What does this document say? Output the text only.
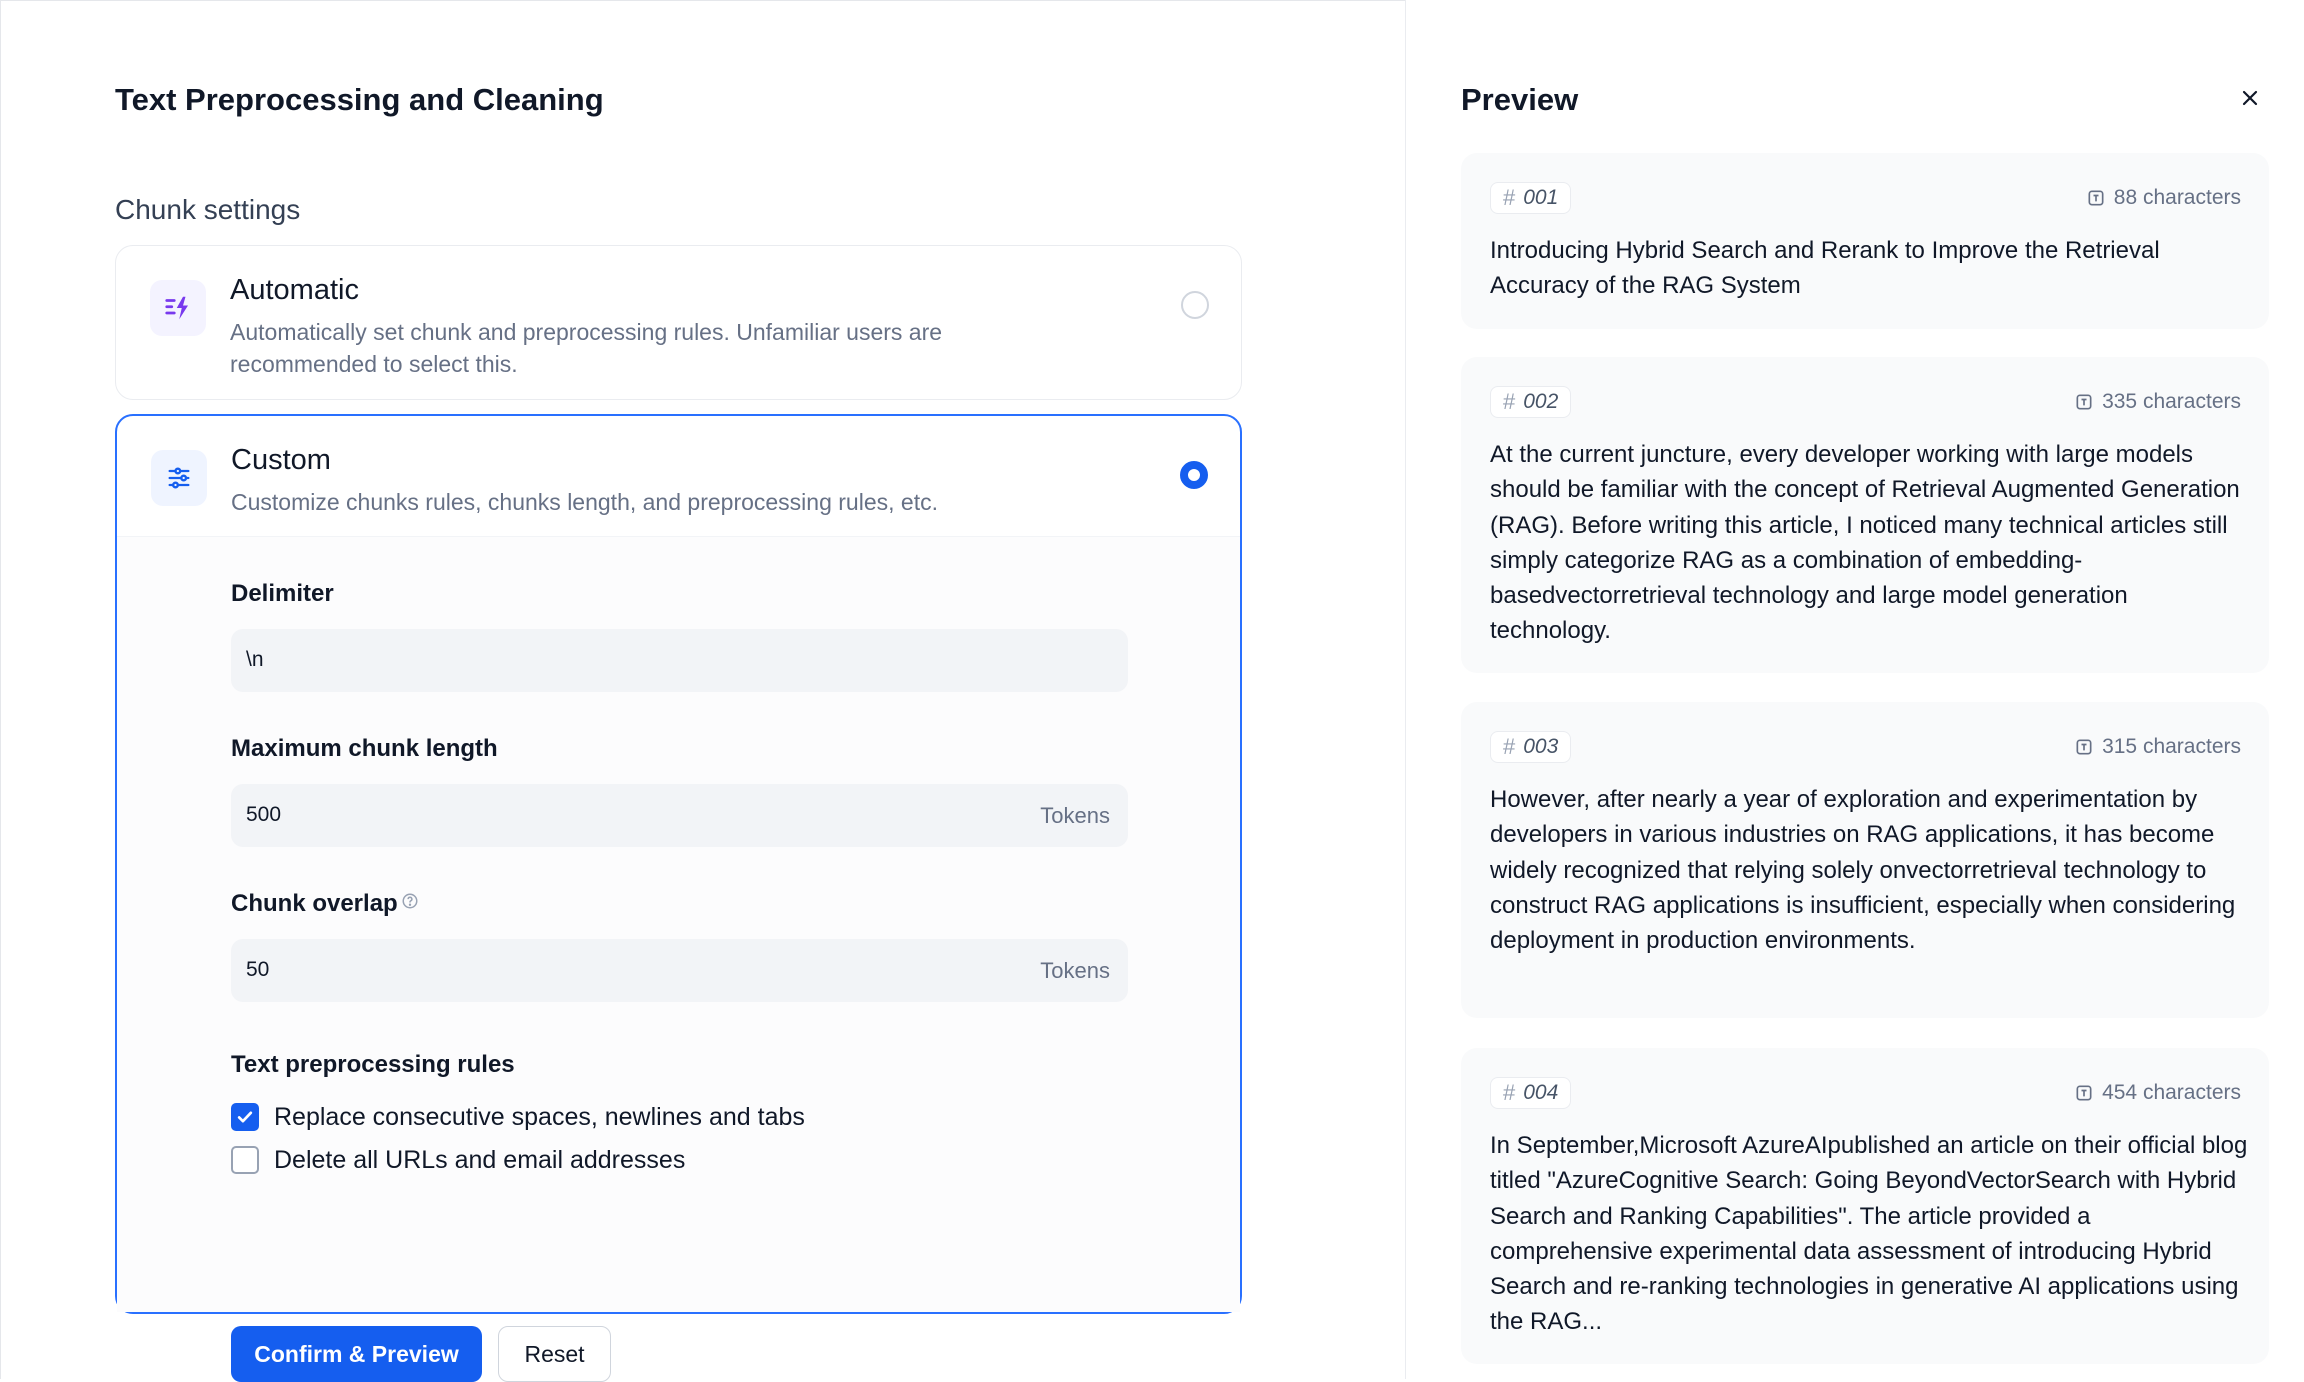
Text Preprocessing and Cleaning
Chunk settings
Automatic
Automatically set chunk and preprocessing rules. Unfamiliar users are recommended to select this.
Custom
Customize chunks rules, chunks length, and preprocessing rules, etc.
Delimiter
\n
Maximum chunk length
500	Tokens
Chunk overlap
50	Tokens
Text preprocessing rules
Replace consecutive spaces, newlines and tabs
Delete all URLs and email addresses
Confirm & Preview	Reset
Preview
# 001	88 characters
Introducing Hybrid Search and Rerank to Improve the Retrieval Accuracy of the RAG System
# 002	335 characters
At the current juncture, every developer working with large models should be familiar with the concept of Retrieval Augmented Generation (RAG). Before writing this article, I noticed many technical articles still simply categorize RAG as a combination of embedding-basedvectorretrieval technology and large model generation technology.
# 003	315 characters
However, after nearly a year of exploration and experimentation by developers in various industries on RAG applications, it has become widely recognized that relying solely onvectorretrieval technology to construct RAG applications is insufficient, especially when considering deployment in production environments.
# 004	454 characters
In September,Microsoft AzureAIpublished an article on their official blog titled "AzureCognitive Search: Going BeyondVectorSearch with Hybrid Search and Ranking Capabilities". The article provided a comprehensive experimental data assessment of introducing Hybrid Search and re-ranking technologies in generative AI applications using the RAG...
